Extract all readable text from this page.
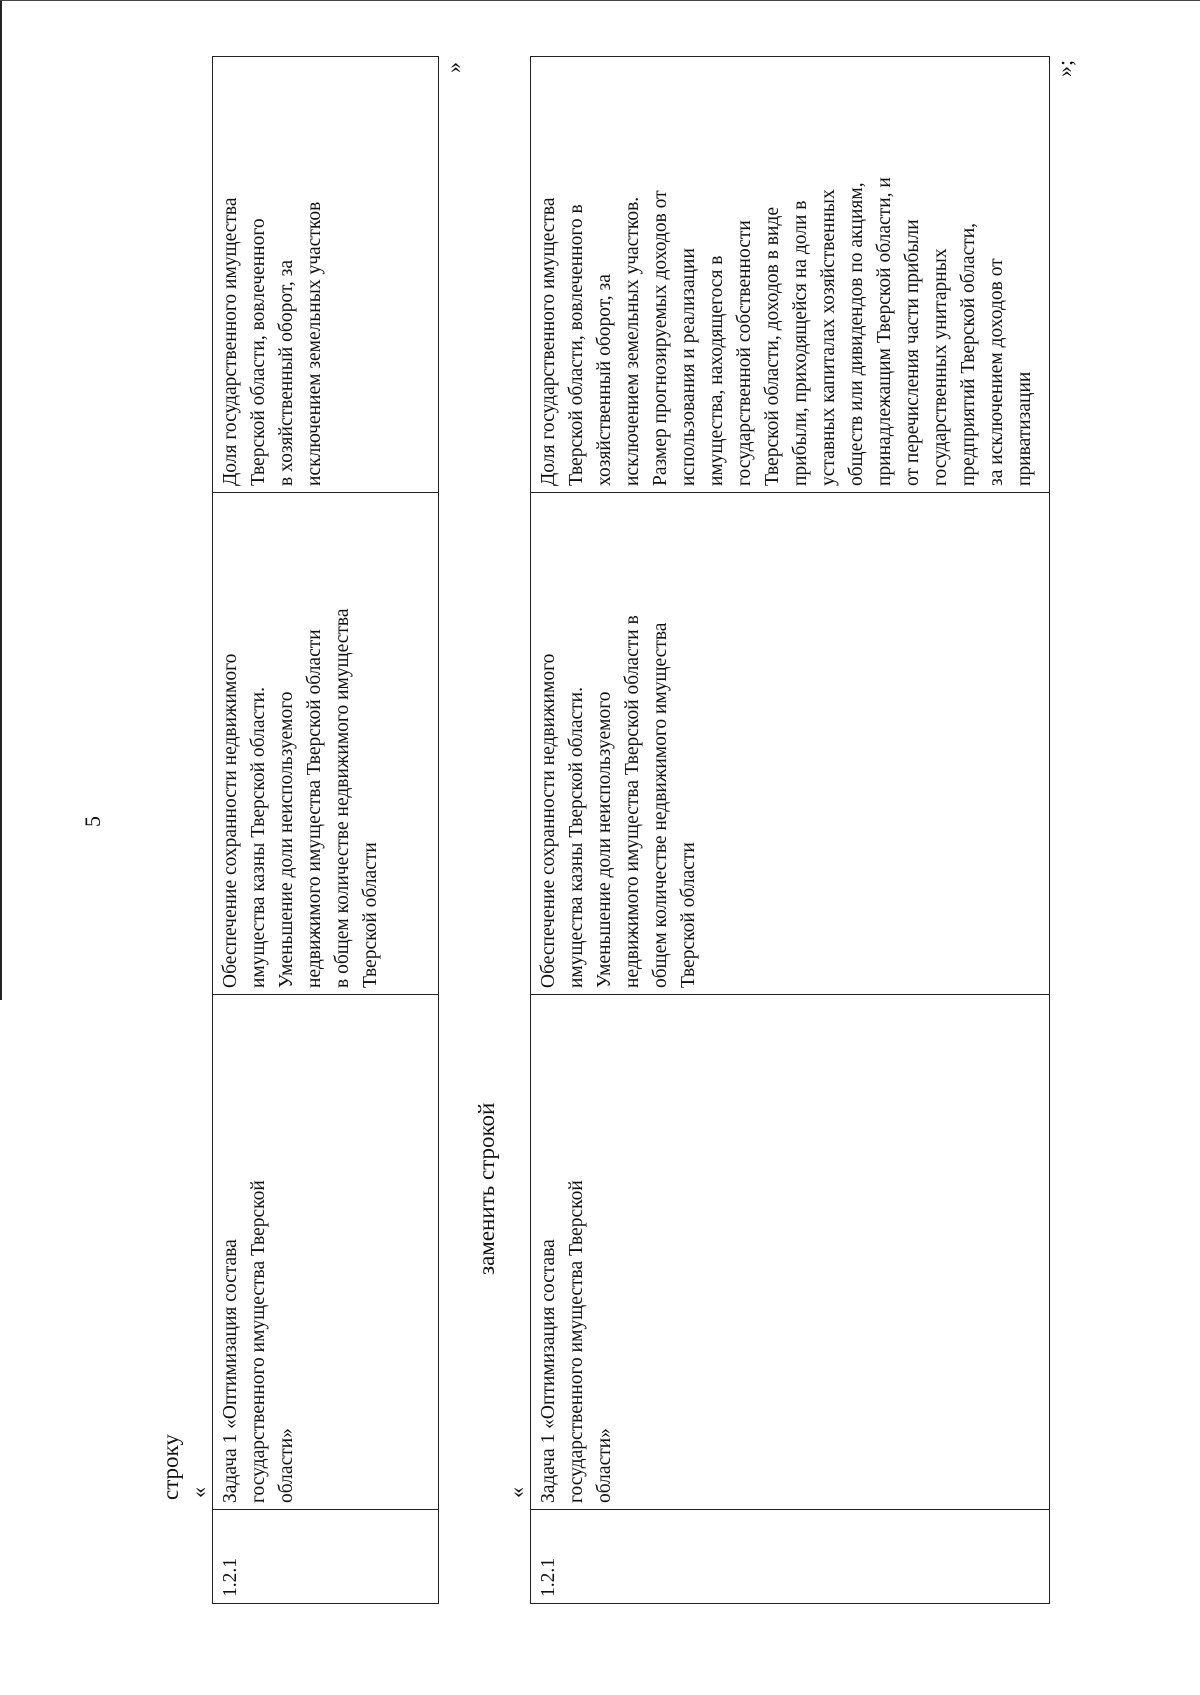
5
строку «
1.2.1	
Задача 1 «Оптимизация состава
государственного имущества Тверской
области»

Обеспечение сохранности недвижимого
имущества казны Тверской области.
Уменьшение доли неиспользуемого
недвижимого имущества Тверской области
в общем количестве недвижимого имущества
Тверской области

Доля государственного имущества
Тверской области, вовлеченного
в хозяйственный оборот, за
исключением земельных участков
»
заменить строкой
«
1.2.1	
Задача 1 «Оптимизация состава
государственного имущества Тверской
области»

Обеспечение сохранности недвижимого
имущества казны Тверской области.
Уменьшение доли неиспользуемого
недвижимого имущества Тверской области в
общем количестве недвижимого имущества
Тверской области

Доля государственного имущества
Тверской области, вовлеченного в
хозяйственный оборот, за
исключением земельных участков.
Размер прогнозируемых доходов от
использования и реализации
имущества, находящегося в
государственной собственности
Тверской области, доходов в виде
прибыли, приходящейся на доли в
уставных капиталах хозяйственных
обществ или дивидендов по акциям,
принадлежащим Тверской области, и
от перечисления части прибыли
государственных унитарных
предприятий Тверской области,
за исключением доходов от
приватизации
»;
